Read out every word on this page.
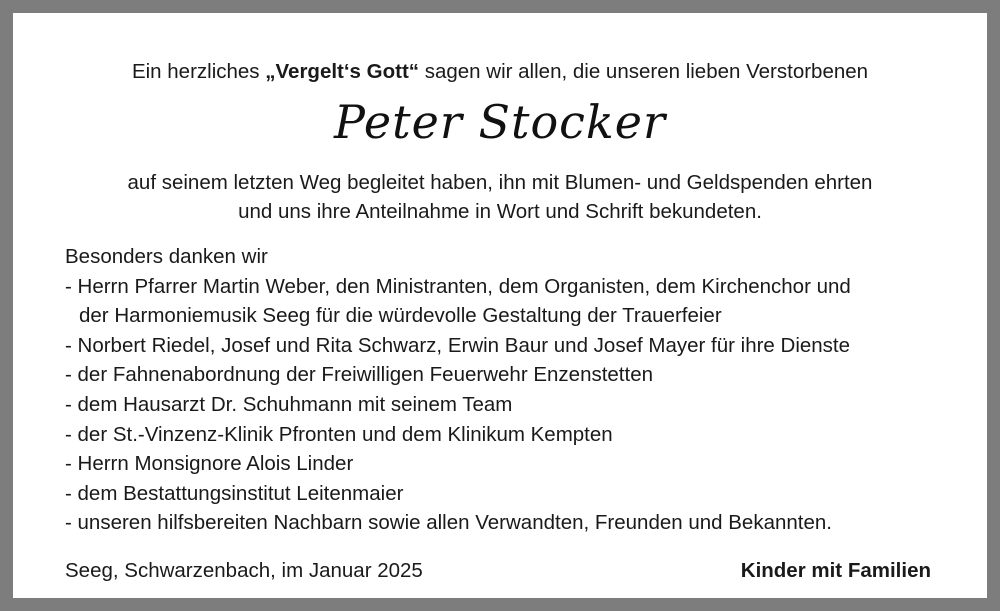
Ein herzliches „Vergelt‘s Gott“ sagen wir allen, die unseren lieben Verstorbenen
Peter Stocker
auf seinem letzten Weg begleitet haben, ihn mit Blumen- und Geldspenden ehrten
und uns ihre Anteilnahme in Wort und Schrift bekundeten.
Besonders danken wir
- Herrn Pfarrer Martin Weber, den Ministranten, dem Organisten, dem Kirchenchor und
der Harmoniemusik Seeg für die würdevolle Gestaltung der Trauerfeier
- Norbert Riedel, Josef und Rita Schwarz, Erwin Baur und Josef Mayer für ihre Dienste
- der Fahnenabordnung der Freiwilligen Feuerwehr Enzenstetten
- dem Hausarzt Dr. Schuhmann mit seinem Team
- der St.-Vinzenz-Klinik Pfronten und dem Klinikum Kempten
- Herrn Monsignore Alois Linder
- dem Bestattungsinstitut Leitenmaier
- unseren hilfsbereiten Nachbarn sowie allen Verwandten, Freunden und Bekannten.
Seeg, Schwarzenbach, im Januar 2025	Kinder mit Familien
